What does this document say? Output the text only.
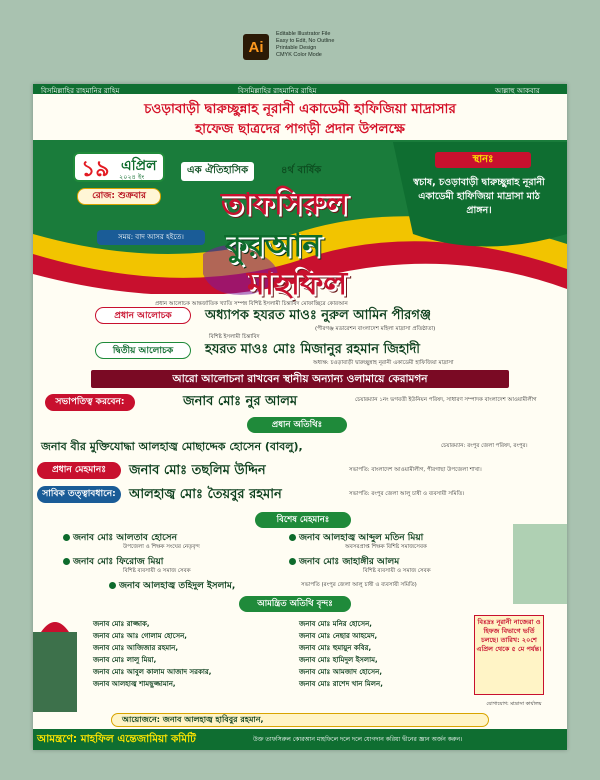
Ai
Editable Illustrator File
Easy to Edit, No Outline
Printable Design
CMYK Color Mode
বিসমিল্লাহির রাহমানির রাহিম	বিসমিল্লাহির রাহমানির রাহিম	আল্লাহু আকবার
চওড়াবাড়ী দ্বারুচ্ছুন্নাহ নূরানী একাডেমী হাফিজিয়া মাদ্রাসার
হাফেজ ছাত্রদের পাগড়ী প্রদান উপলক্ষে
১৯ এপ্রিল
২০২৪ ইং
রোজ: শুক্রবার
সময়: বাদ আসর হইতে।
এক ঐতিহাসিক	৪র্থ বার্ষিক
তাফসিরুল
কুরআন
মাহফিল
স্থানঃ
স্বচাষ, চওড়াবাড়ী দ্বারুচ্ছুন্নাহ নূরানী একাডেমী হাফিজিয়া মাদ্রাসা মাঠ প্রাঙ্গন।
প্রধান আলোচক আন্তর্জাতিক খ্যাতি সম্পন্ন বিশিষ্ট ইসলামী চিন্তাবিদ মোফাচ্ছিরে কোরআন
প্রধান আলোচক	অধ্যাপক হযরত মাওঃ নুরুল আমিন পীরগঞ্জ
(পীরগঞ্জ মডারেশন বাংলাদেশ মহিলা মাদ্রাসা প্রতিষ্ঠাতা)
বিশিষ্ট ইসলামী চিন্তাবিদ
দ্বিতীয় আলোচক	হযরত মাওঃ মোঃ মিজানুর রহমান জিহাদী
অধ্যক্ষ: চওড়াবাড়ী দ্বারুচ্ছুন্নাহ নূরানী একাডেমী হাফিজিয়া মাদ্রাসা
আরো আলোচনা রাখবেন স্থানীয় অন্যান্য ওলামায়ে কেরামগন
সভাপতিত্ব করবেন:	জনাব মোঃ নুর আলম	চেয়ারম্যান ১নং ভগবতী ইউনিয়ন পরিষদ, সাধারণ সম্পাদক বাংলাদেশ আওয়ামীলীগ
প্রধান অতিথিঃ
জনাব বীর মুক্তিযোদ্ধা আলহাজ্ব মোছাদ্দেক হোসেন (বাবলু),	চেয়ারম্যান: রংপুর জেলা পরিষদ, রংপুর।
প্রধান মেহমানঃ	জনাব মোঃ তছলিম উদ্দিন	সভাপতি: বাংলাদেশ আওয়ামীলীগ, পীরগাছা উপজেলা শাখা।
সাবিক তত্ত্বাবধানে:	আলহাজ্ব মোঃ তৈয়বুর রহমান	সভাপতি: রংপুর জেলা আলু চাষী ও ব্যবসায়ী সমিতি।
বিশেষ মেহমানঃ
জনাব মোঃ আলতাব হোসেন
উপজেলা ও শিক্ষক সংঘের নেতৃবৃন্দ
জনাব আলহাজ্ব আব্দুল মতিন মিয়া
অবসরপ্রাপ্ত শিক্ষক বিশিষ্ট সমাজসেবক
জনাব মোঃ ফিরোজ মিয়া
বিশিষ্ট ব্যবসায়ী ও সমাজ সেবক
জনাব মোঃ জাহাঙ্গীর আলম
বিশিষ্ট ব্যবসায়ী ও সমাজ সেবক
জনাব আলহাজ্ব তহিদুল ইসলাম,	সভাপতি (রংপুর জেলা আলু চাষী ও ব্যবসায়ী সমিতি)
আমন্ত্রিত অতিথি বৃন্দঃ
জনাব মোঃ রাজ্জাক,
জনাব মোঃ আঃ গোলাম হোসেন,
জনাব মোঃ আজিজার রহমান,
জনাব মোঃ লালু মিয়া,
জনাব মোঃ আবুল কালাম আজাদ সরকার,
জনাব আলহাজ্ব শামছুজ্জামান,
জনাব মোঃ মনির হোসেন,
জনাব মোঃ নেছার আহমেদ,
জনাব মোঃ হুমায়ুন কবির,
জনাব মোঃ হামিদুল ইসলাম,
জনাব মোঃ আমজাদ হোসেন,
জনাব মোঃ রাশেদ খান মিলন,
বিঃদ্রঃ নূরানী নাজেরা ও হিফজ বিভাগে ভর্তি চলছে। তারিখ: ২০শে এপ্রিল থেকে ৫ মে পর্যন্ত।
যোগাযোগ: মাদ্রাসা কার্যালয়
আয়োজনে: জনাব আলহাজ্ব হাবিবুর রহমান,
আমন্ত্রণে: মাহফিল এন্তেজামিয়া কমিটি	উক্ত তাফসিরুল কোরআন মাহফিলে দলে দলে যোগদান করিয়া দ্বীনের জ্ঞান অর্জন করুন।
